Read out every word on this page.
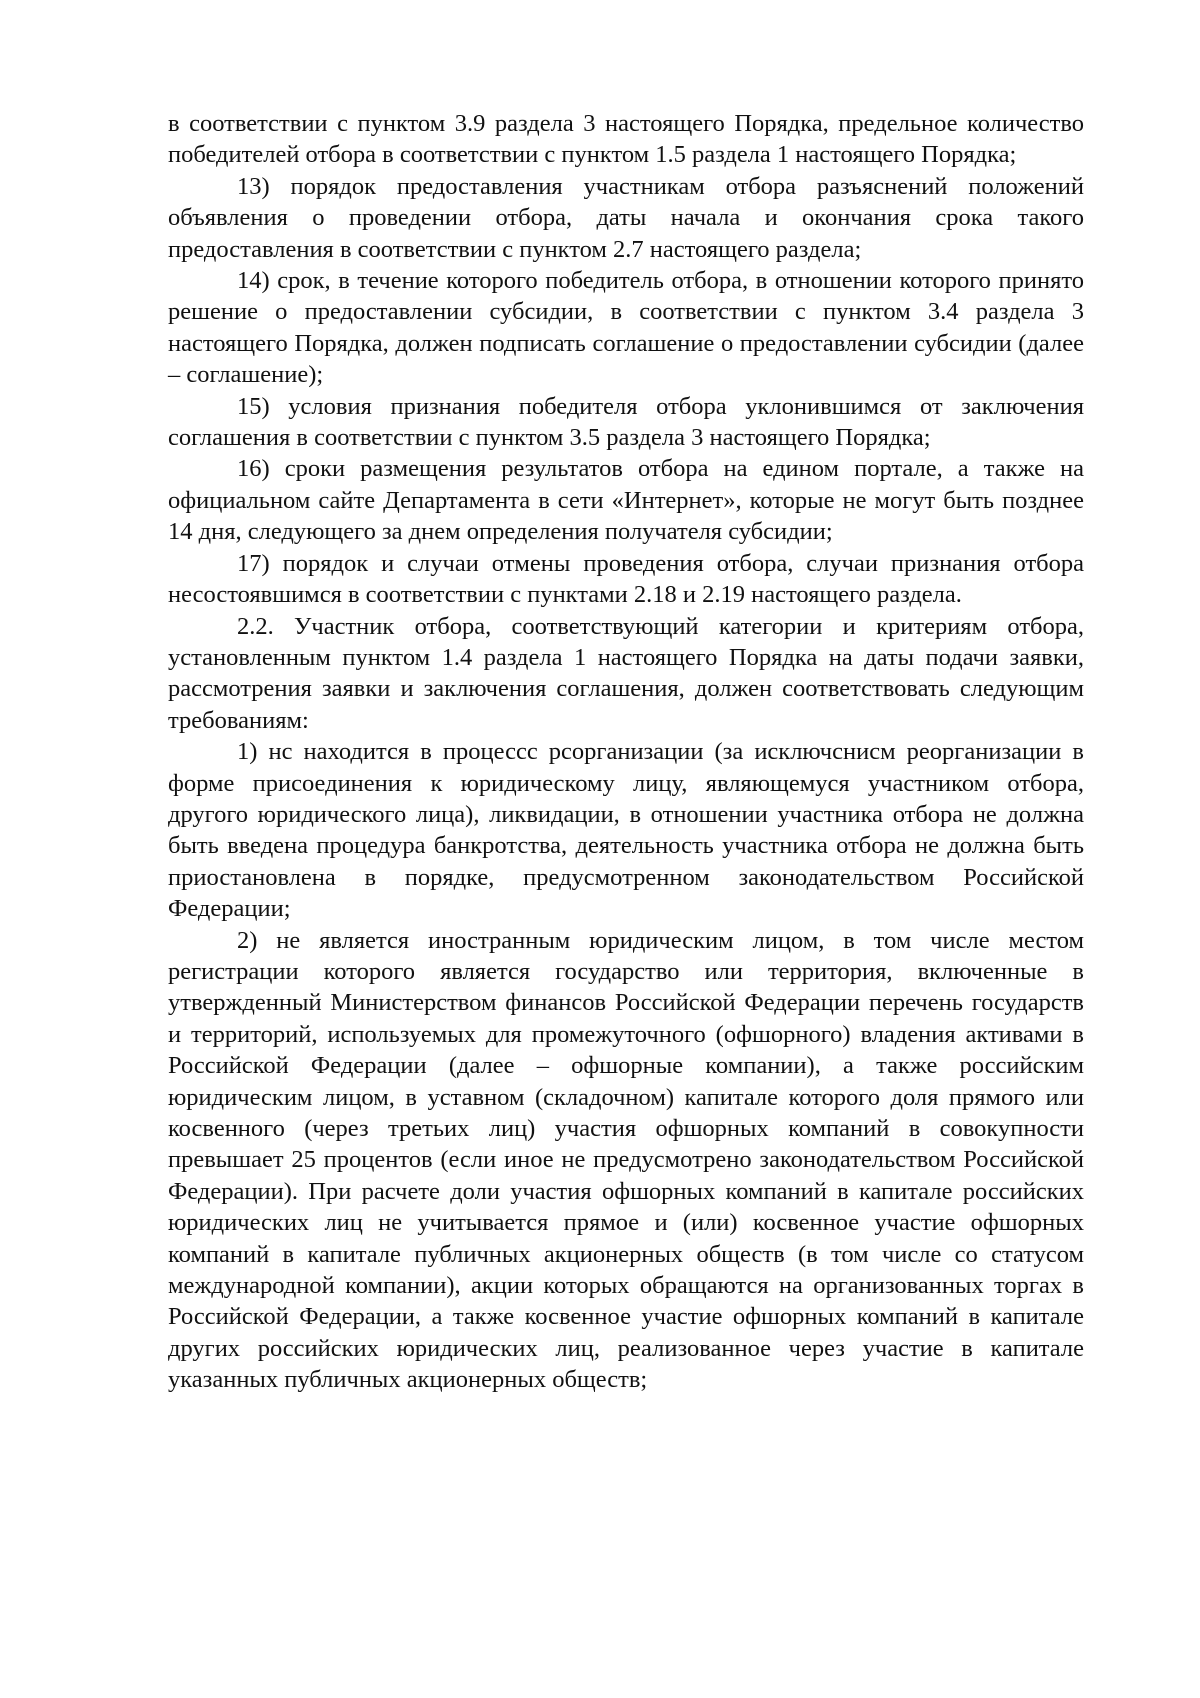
в соответствии с пунктом 3.9 раздела 3 настоящего Порядка, предельное количество победителей отбора в соответствии с пунктом 1.5 раздела 1 настоящего Порядка;

13) порядок предоставления участникам отбора разъяснений положений объявления о проведении отбора, даты начала и окончания срока такого предоставления в соответствии с пунктом 2.7 настоящего раздела;

14) срок, в течение которого победитель отбора, в отношении которого принято решение о предоставлении субсидии, в соответствии с пунктом 3.4 раздела 3 настоящего Порядка, должен подписать соглашение о предоставлении субсидии (далее – соглашение);

15) условия признания победителя отбора уклонившимся от заключения соглашения в соответствии с пунктом 3.5 раздела 3 настоящего Порядка;

16) сроки размещения результатов отбора на едином портале, а также на официальном сайте Департамента в сети «Интернет», которые не могут быть позднее 14 дня, следующего за днем определения получателя субсидии;

17) порядок и случаи отмены проведения отбора, случаи признания отбора несостоявшимся в соответствии с пунктами 2.18 и 2.19 настоящего раздела.

2.2. Участник отбора, соответствующий категории и критериям отбора, установленным пунктом 1.4 раздела 1 настоящего Порядка на даты подачи заявки, рассмотрения заявки и заключения соглашения, должен соответствовать следующим требованиям:

1) нс находится в процессс рсорганизации (за исключснисм реорганизации в форме присоединения к юридическому лицу, являющемуся участником отбора, другого юридического лица), ликвидации, в отношении участника отбора не должна быть введена процедура банкротства, деятельность участника отбора не должна быть приостановлена в порядке, предусмотренном законодательством Российской Федерации;

2) не является иностранным юридическим лицом, в том числе местом регистрации которого является государство или территория, включенные в утвержденный Министерством финансов Российской Федерации перечень государств и территорий, используемых для промежуточного (офшорного) владения активами в Российской Федерации (далее – офшорные компании), а также российским юридическим лицом, в уставном (складочном) капитале которого доля прямого или косвенного (через третьих лиц) участия офшорных компаний в совокупности превышает 25 процентов (если иное не предусмотрено законодательством Российской Федерации). При расчете доли участия офшорных компаний в капитале российских юридических лиц не учитывается прямое и (или) косвенное участие офшорных компаний в капитале публичных акционерных обществ (в том числе со статусом международной компании), акции которых обращаются на организованных торгах в Российской Федерации, а также косвенное участие офшорных компаний в капитале других российских юридических лиц, реализованное через участие в капитале указанных публичных акционерных обществ;
